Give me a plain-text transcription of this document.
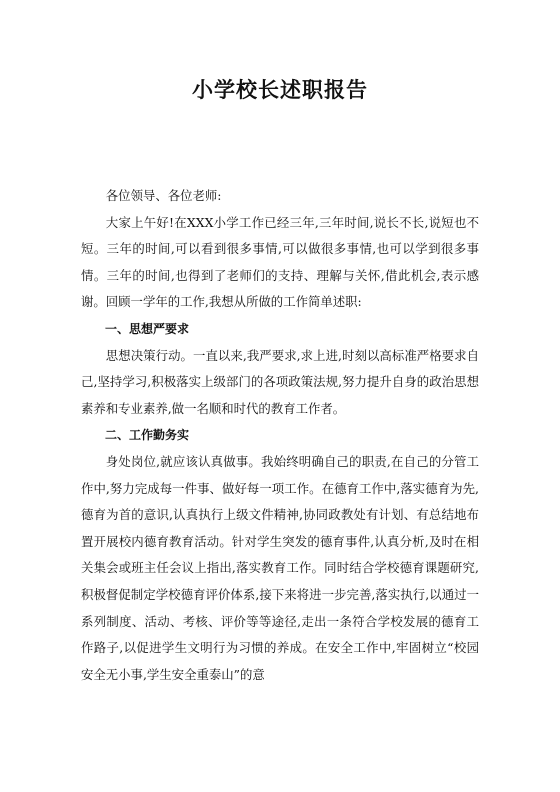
小学校长述职报告

各位领导、各位老师:

大家上午好!在XXX小学工作已经三年,三年时间,说长不长,说短也不短。三年的时间,可以看到很多事情,可以做很多事情,也可以学到很多事情。三年的时间,也得到了老师们的支持、理解与关怀,借此机会,表示感谢。回顾一学年的工作,我想从所做的工作简单述职:

一、思想严要求

思想决策行动。一直以来,我严要求,求上进,时刻以高标准严格要求自己,坚持学习,积极落实上级部门的各项政策法规,努力提升自身的政治思想素养和专业素养,做一名顺和时代的教育工作者。

二、工作勤务实

身处岗位,就应该认真做事。我始终明确自己的职责,在自己的分管工作中,努力完成每一件事、做好每一项工作。在德育工作中,落实德育为先,德育为首的意识,认真执行上级文件精神,协同政教处有计划、有总结地布置开展校内德育教育活动。针对学生突发的德育事件,认真分析,及时在相关集会或班主任会议上指出,落实教育工作。同时结合学校德育课题研究,积极督促制定学校德育评价体系,接下来将进一步完善,落实执行,以通过一系列制度、活动、考核、评价等等途径,走出一条符合学校发展的德育工作路子,以促进学生文明行为习惯的养成。在安全工作中,牢固树立“校园安全无小事,学生安全重泰山”的意
